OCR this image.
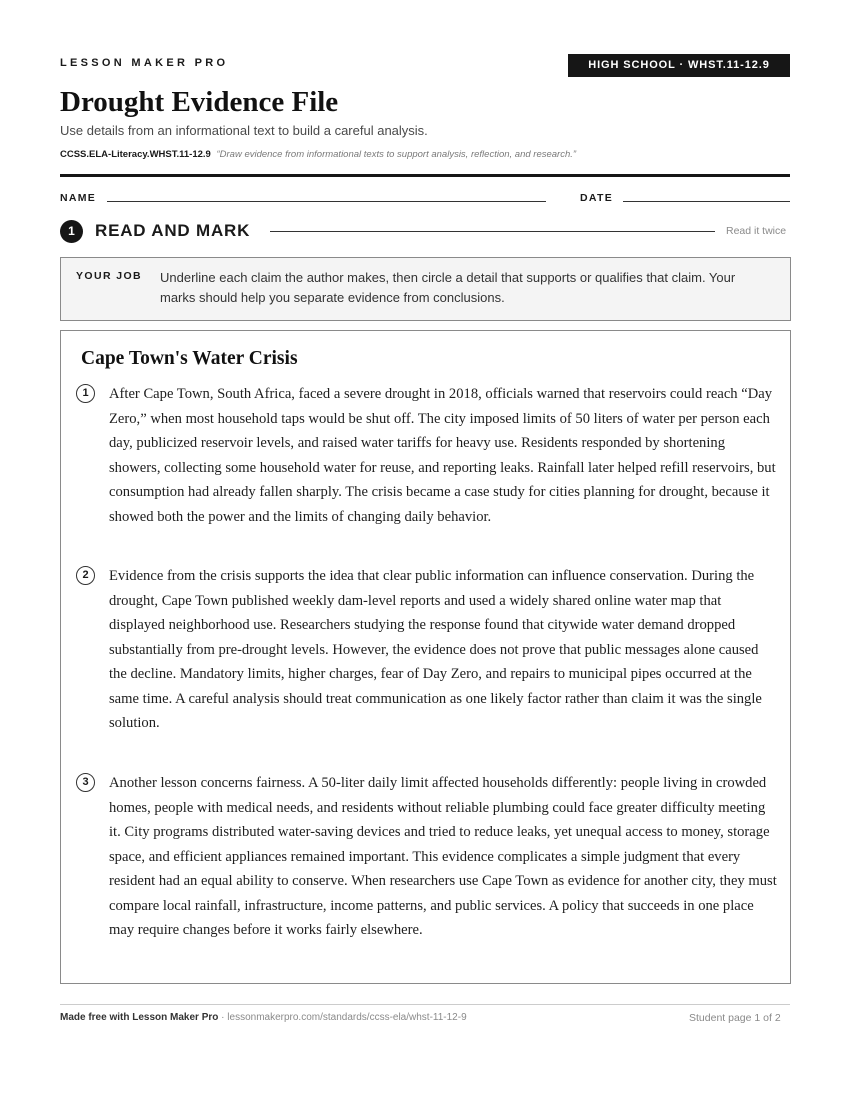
LESSON MAKER PRO	HIGH SCHOOL · WHST.11-12.9
Drought Evidence File
Use details from an informational text to build a careful analysis.
CCSS.ELA-Literacy.WHST.11-12.9 “Draw evidence from informational texts to support analysis, reflection, and research.”
NAME	DATE
1	READ AND MARK	Read it twice
YOUR JOB Underline each claim the author makes, then circle a detail that supports or qualifies that claim. Your marks should help you separate evidence from conclusions.
Cape Town's Water Crisis
1	After Cape Town, South Africa, faced a severe drought in 2018, officials warned that reservoirs could reach “Day Zero,” when most household taps would be shut off. The city imposed limits of 50 liters of water per person each day, publicized reservoir levels, and raised water tariffs for heavy use. Residents responded by shortening showers, collecting some household water for reuse, and reporting leaks. Rainfall later helped refill reservoirs, but consumption had already fallen sharply. The crisis became a case study for cities planning for drought, because it showed both the power and the limits of changing daily behavior.

2	Evidence from the crisis supports the idea that clear public information can influence conservation. During the drought, Cape Town published weekly dam-level reports and used a widely shared online water map that displayed neighborhood use. Researchers studying the response found that citywide water demand dropped substantially from pre-drought levels. However, the evidence does not prove that public messages alone caused the decline. Mandatory limits, higher charges, fear of Day Zero, and repairs to municipal pipes occurred at the same time. A careful analysis should treat communication as one likely factor rather than claim it was the single solution.

3	Another lesson concerns fairness. A 50-liter daily limit affected households differently: people living in crowded homes, people with medical needs, and residents without reliable plumbing could face greater difficulty meeting it. City programs distributed water-saving devices and tried to reduce leaks, yet unequal access to money, storage space, and efficient appliances remained important. This evidence complicates a simple judgment that every resident had an equal ability to conserve. When researchers use Cape Town as evidence for another city, they must compare local rainfall, infrastructure, income patterns, and public services. A policy that succeeds in one place may require changes before it works fairly elsewhere.

Made free with Lesson Maker Pro · lessonmakerpro.com/standards/ccss-ela/whst-11-12-9	Student page 1 of 2
